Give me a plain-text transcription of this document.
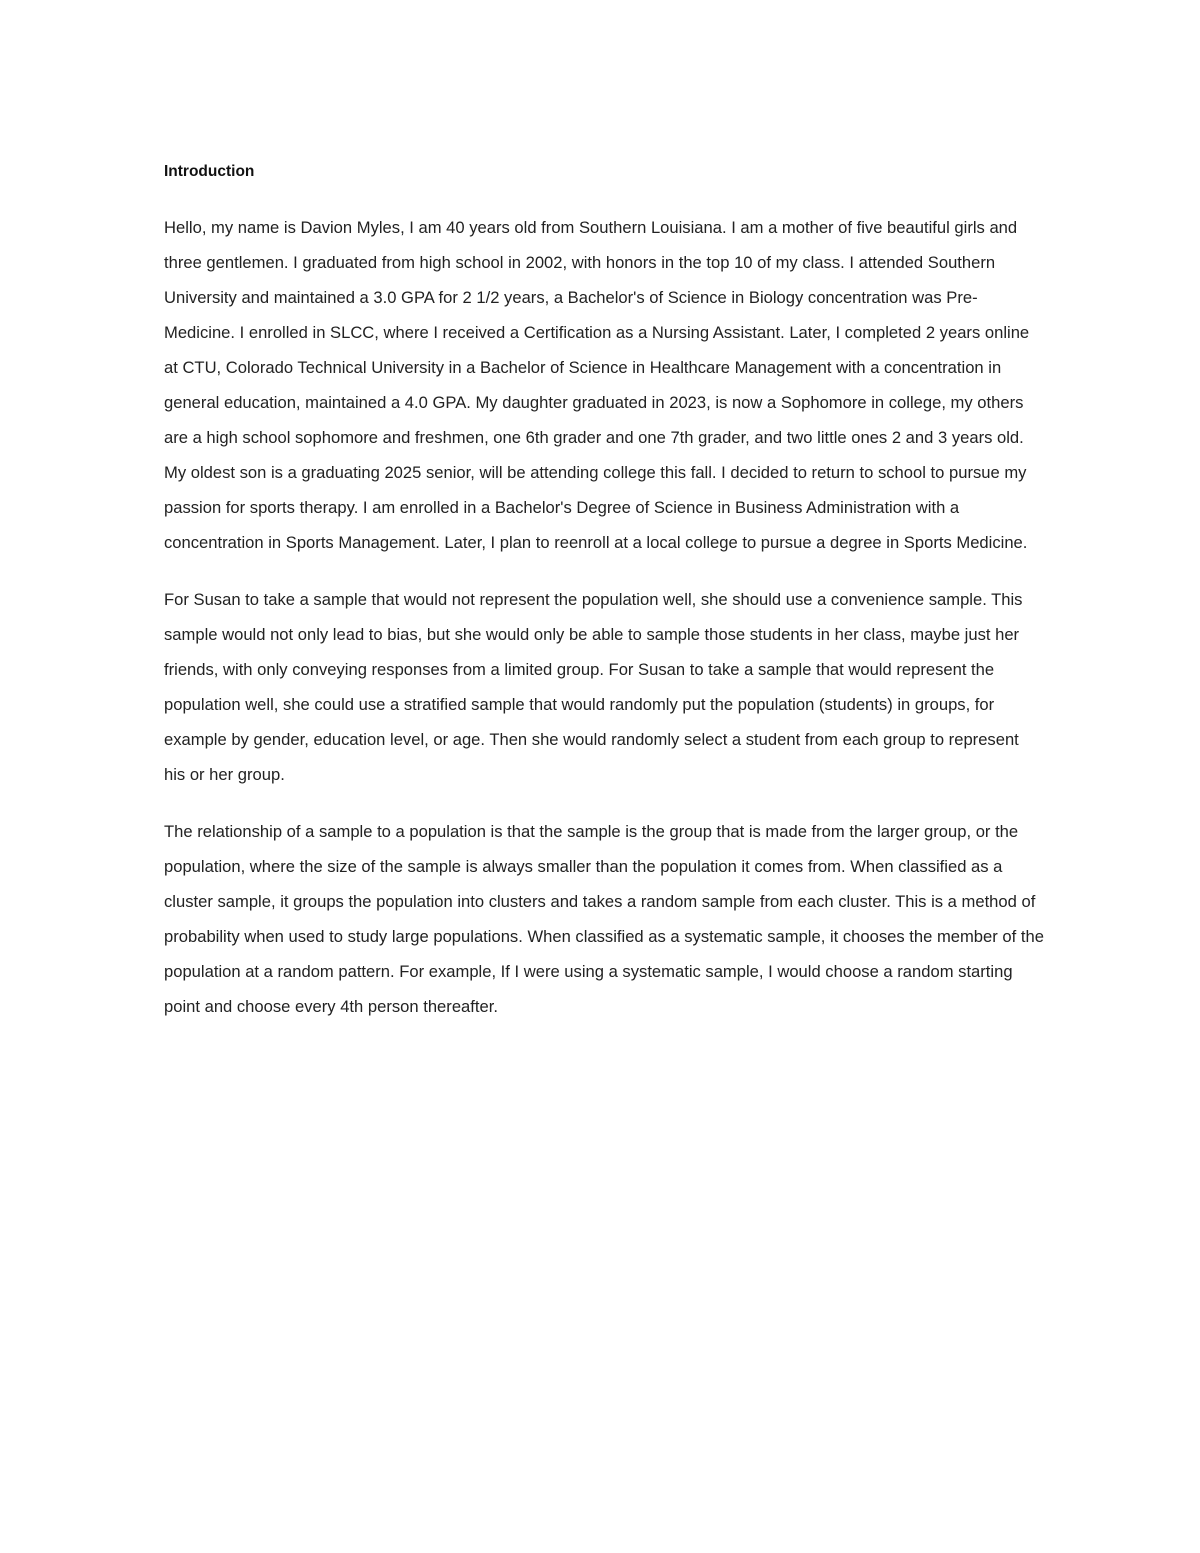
Introduction

Hello, my name is Davion Myles, I am 40 years old from Southern Louisiana. I am a mother of five beautiful girls and three gentlemen. I graduated from high school in 2002, with honors in the top 10 of my class. I attended Southern University and maintained a 3.0 GPA for 2 1/2 years, a Bachelor's of Science in Biology concentration was Pre-Medicine. I enrolled in SLCC, where I received a Certification as a Nursing Assistant. Later, I completed 2 years online at CTU, Colorado Technical University in a Bachelor of Science in Healthcare Management with a concentration in general education, maintained a 4.0 GPA. My daughter graduated in 2023, is now a Sophomore in college, my others are a high school sophomore and freshmen, one 6th grader and one 7th grader, and two little ones 2 and 3 years old. My oldest son is a graduating 2025 senior, will be attending college this fall. I decided to return to school to pursue my passion for sports therapy. I am enrolled in a Bachelor's Degree of Science in Business Administration with a concentration in Sports Management. Later, I plan to reenroll at a local college to pursue a degree in Sports Medicine.

For Susan to take a sample that would not represent the population well, she should use a convenience sample. This sample would not only lead to bias, but she would only be able to sample those students in her class, maybe just her friends, with only conveying responses from a limited group. For Susan to take a sample that would represent the population well, she could use a stratified sample that would randomly put the population (students) in groups, for example by gender, education level, or age. Then she would randomly select a student from each group to represent his or her group.

The relationship of a sample to a population is that the sample is the group that is made from the larger group, or the population, where the size of the sample is always smaller than the population it comes from. When classified as a cluster sample, it groups the population into clusters and takes a random sample from each cluster. This is a method of probability when used to study large populations. When classified as a systematic sample, it chooses the member of the population at a random pattern. For example, If I were using a systematic sample, I would choose a random starting point and choose every 4th person thereafter.
